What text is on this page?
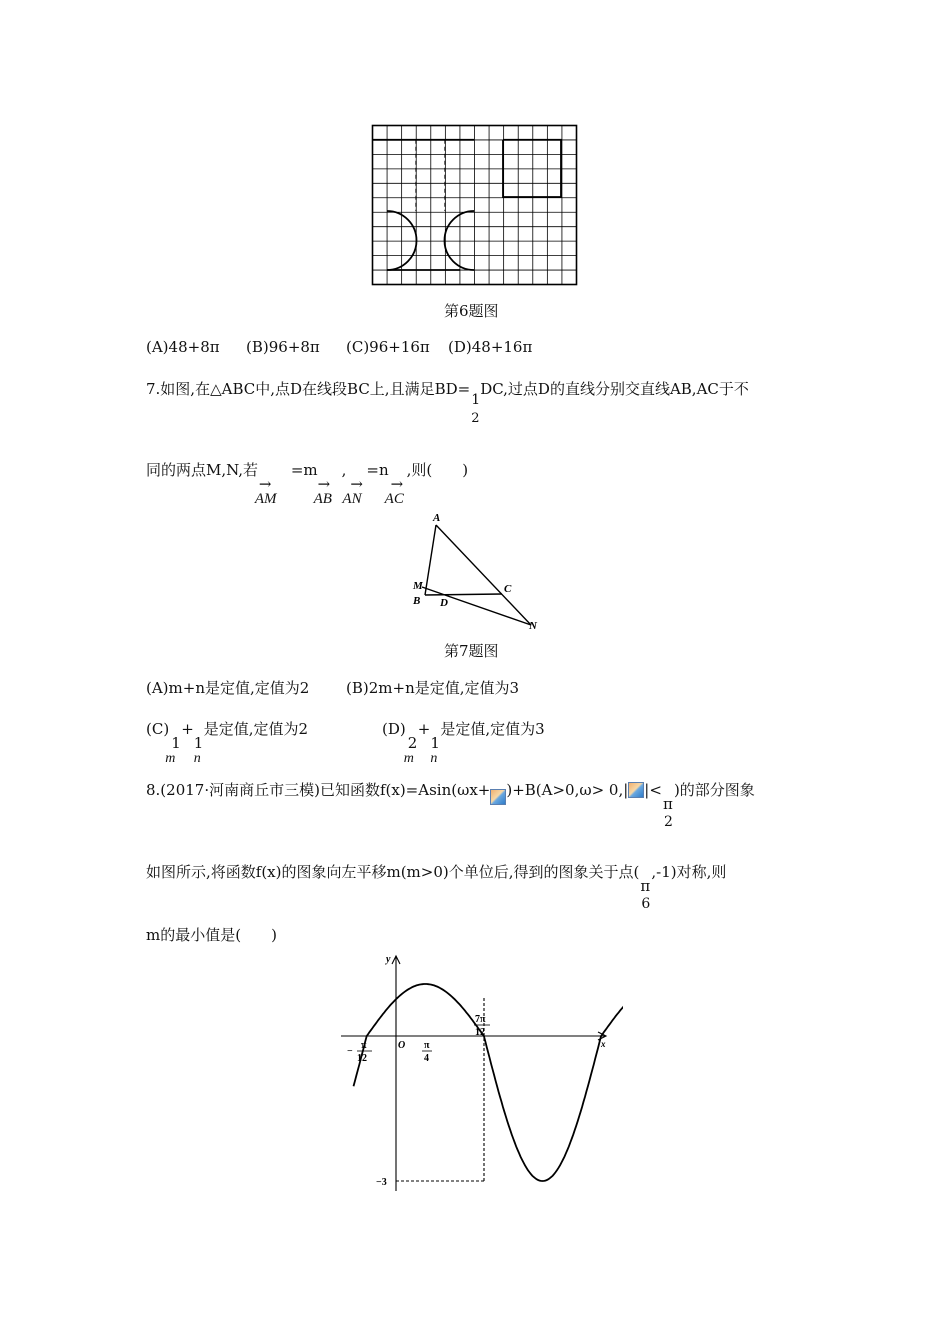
第6题图
(A)48+8π (B)96+8π (C)96+16π (D)48+16π
7.如图,在△ABC中,点D在线段BC上,且满足BD=
1
2
DC,过点D的直线分别交直线AB,AC于不
同的两点M,N,若
→
AM
=m
→
AB
,
→
AN
=n
→
AC
,则(　　)
A
M
B D
C
N
第7题图
(A)m+n是定值,定值为2 (B)2m+n是定值,定值为3
(C)
1
m
+
1
n
是定值,定值为2	(D)
2
m
+
1
n
是定值,定值为3
8.(2017·河南商丘市三模)已知函数f(x)=Asin(ωx+ )+B(A>0,ω> 0,| |<
π
2
)的部分图象
如图所示,将函数f(x)的图象向左平移m(m>0)个单位后,得到的图象关于点(
π
6
,-1)对称,则
m的最小值是(　　)
y
x
O
−
π
12
π
4
7π
12
−3
